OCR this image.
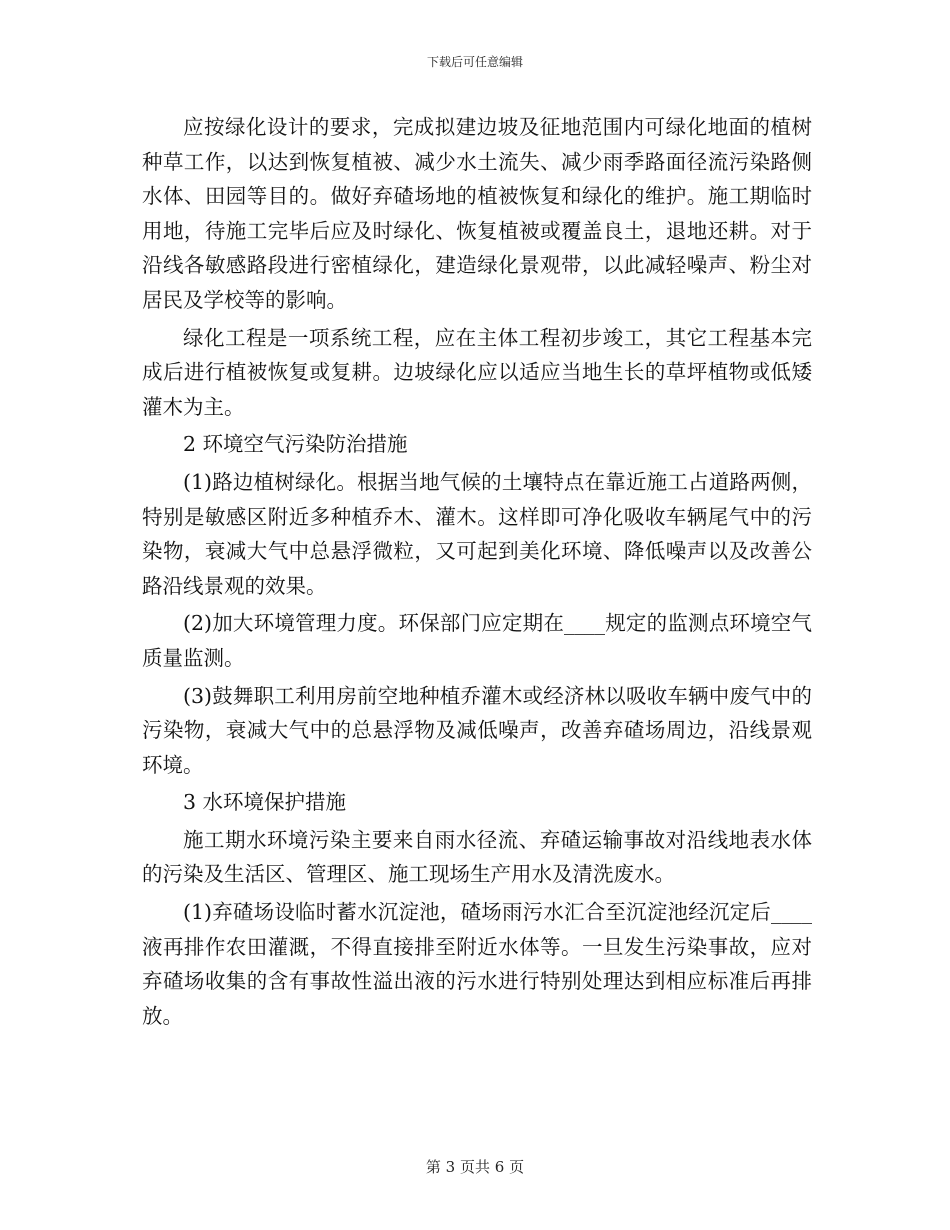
下载后可任意编辑

应按绿化设计的要求，完成拟建边坡及征地范围内可绿化地面的植树种草工作，以达到恢复植被、减少水土流失、减少雨季路面径流污染路侧水体、田园等目的。做好弃碴场地的植被恢复和绿化的维护。施工期临时用地，待施工完毕后应及时绿化、恢复植被或覆盖良土，退地还耕。对于沿线各敏感路段进行密植绿化，建造绿化景观带，以此减轻噪声、粉尘对居民及学校等的影响。

绿化工程是一项系统工程，应在主体工程初步竣工，其它工程基本完成后进行植被恢复或复耕。边坡绿化应以适应当地生长的草坪植物或低矮灌木为主。

2 环境空气污染防治措施

(1)路边植树绿化。根据当地气候的土壤特点在靠近施工占道路两侧，特别是敏感区附近多种植乔木、灌木。这样即可净化吸收车辆尾气中的污染物，衰减大气中总悬浮微粒，又可起到美化环境、降低噪声以及改善公路沿线景观的效果。

(2)加大环境管理力度。环保部门应定期在____规定的监测点环境空气质量监测。

(3)鼓舞职工利用房前空地种植乔灌木或经济林以吸收车辆中废气中的污染物，衰减大气中的总悬浮物及减低噪声，改善弃碴场周边，沿线景观环境。

3 水环境保护措施

施工期水环境污染主要来自雨水径流、弃碴运输事故对沿线地表水体的污染及生活区、管理区、施工现场生产用水及清洗废水。

(1)弃碴场设临时蓄水沉淀池，碴场雨污水汇合至沉淀池经沉定后____液再排作农田灌溉，不得直接排至附近水体等。一旦发生污染事故，应对弃碴场收集的含有事故性溢出液的污水进行特别处理达到相应标准后再排放。

第 3 页共 6 页
